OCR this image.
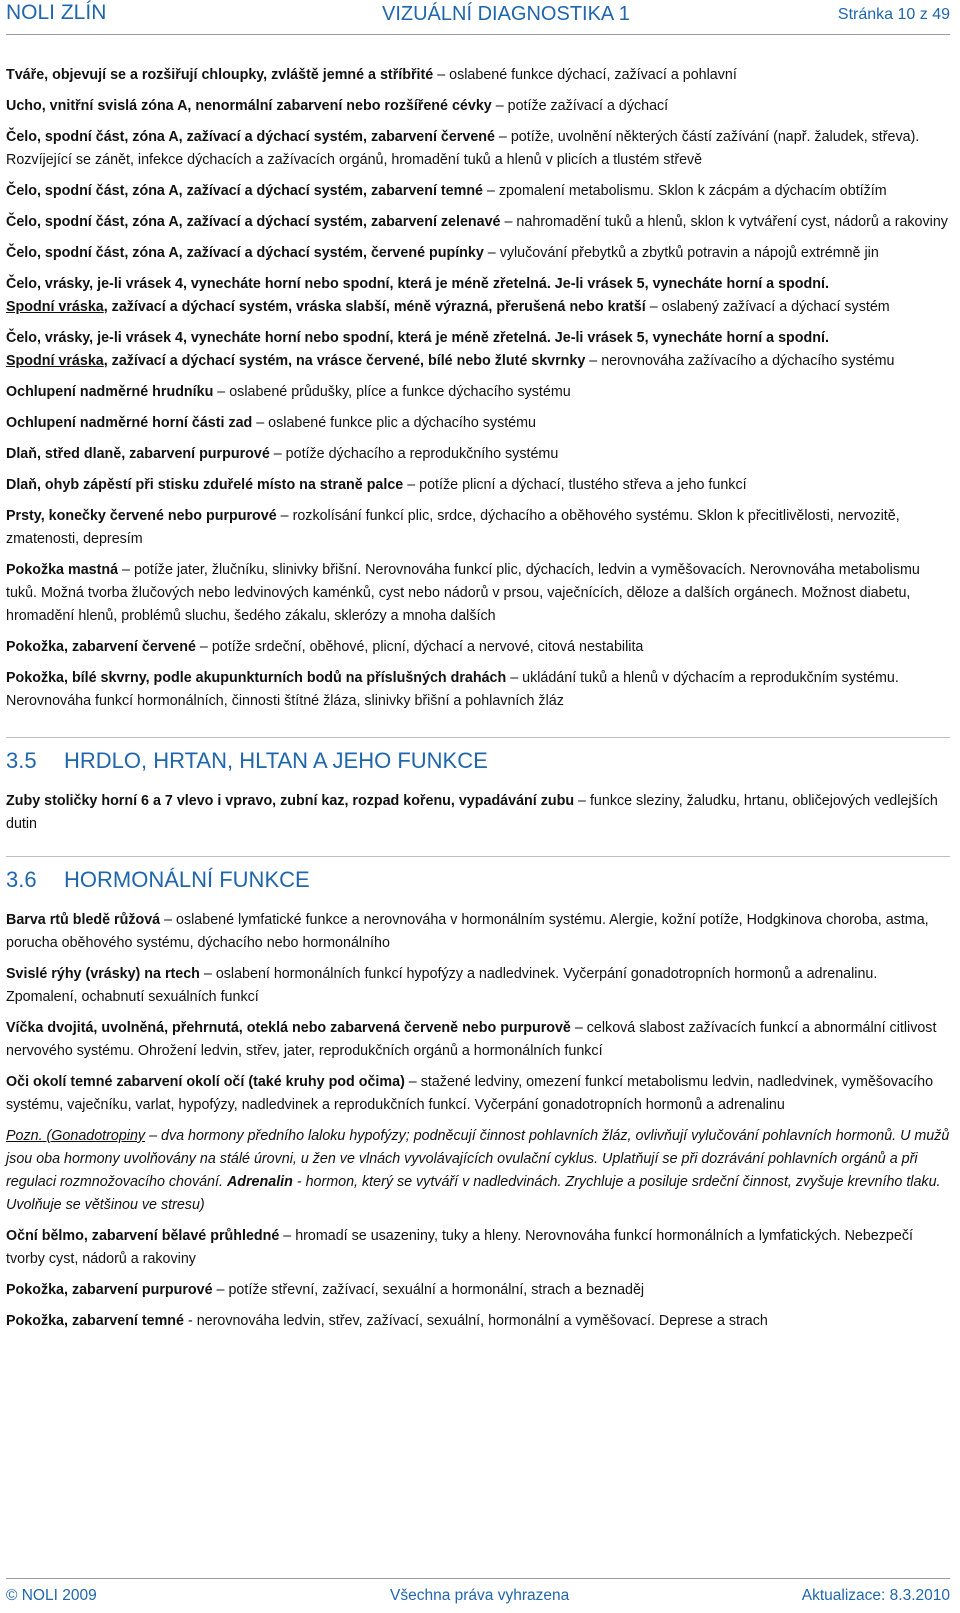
NOLI ZLÍN	VIZUÁLNÍ DIAGNOSTIKA 1	Stránka 10 z 49

Tváře, objevují se a rozšiřují chloupky, zvláště jemné a stříbřité – oslabené funkce dýchací, zažívací a pohlavní

Ucho, vnitřní svislá zóna A, nenormální zabarvení nebo rozšířené cévky – potíže zažívací a dýchací

Čelo, spodní část, zóna A, zažívací a dýchací systém, zabarvení červené – potíže, uvolnění některých částí zažívání (např. žaludek, střeva). Rozvíjející se zánět, infekce dýchacích a zažívacích orgánů, hromadění tuků a hlenů v plicích a tlustém střevě

Čelo, spodní část, zóna A, zažívací a dýchací systém, zabarvení temné – zpomalení metabolismu. Sklon k zácpám a dýchacím obtížím

Čelo, spodní část, zóna A, zažívací a dýchací systém, zabarvení zelenavé – nahromadění tuků a hlenů, sklon k vytváření cyst, nádorů a rakoviny

Čelo, spodní část, zóna A, zažívací a dýchací systém, červené pupínky – vylučování přebytků a zbytků potravin a nápojů extrémně jin

Čelo, vrásky, je-li vrásek 4, vynecháte horní nebo spodní, která je méně zřetelná. Je-li vrásek 5, vynecháte horní a spodní.
Spodní vráska, zažívací a dýchací systém, vráska slabší, méně výrazná, přerušená nebo kratší – oslabený zažívací a dýchací systém

Čelo, vrásky, je-li vrásek 4, vynecháte horní nebo spodní, která je méně zřetelná. Je-li vrásek 5, vynecháte horní a spodní.
Spodní vráska, zažívací a dýchací systém, na vrásce červené, bílé nebo žluté skvrnky – nerovnováha zažívacího a dýchacího systému

Ochlupení nadměrné hrudníku – oslabené průdušky, plíce a funkce dýchacího systému

Ochlupení nadměrné horní části zad – oslabené funkce plic a dýchacího systému

Dlaň, střed dlaně, zabarvení purpurové – potíže dýchacího a reprodukčního systému

Dlaň, ohyb zápěstí při stisku zduřelé místo na straně palce – potíže plicní a dýchací, tlustého střeva a jeho funkcí

Prsty, konečky červené nebo purpurové – rozkolísání funkcí plic, srdce, dýchacího a oběhového systému. Sklon k přecitlivělosti, nervozitě, zmatenosti, depresím

Pokožka mastná – potíže jater, žlučníku, slinivky břišní. Nerovnováha funkcí plic, dýchacích, ledvin a vyměšovacích. Nerovnováha metabolismu tuků. Možná tvorba žlučových nebo ledvinových kaménků, cyst nebo nádorů v prsou, vaječnících, děloze a dalších orgánech. Možnost diabetu, hromadění hlenů, problémů sluchu, šedého zákalu, sklerózy a mnoha dalších

Pokožka, zabarvení červené – potíže srdeční, oběhové, plicní, dýchací a nervové, citová nestabilita

Pokožka, bílé skvrny, podle akupunkturních bodů na příslušných drahách – ukládání tuků a hlenů v dýchacím a reprodukčním systému. Nerovnováha funkcí hormonálních, činnosti štítné žláza, slinivky břišní a pohlavních žláz

3.5 HRDLO, HRTAN, HLTAN A JEHO FUNKCE

Zuby stoličky horní 6 a 7 vlevo i vpravo, zubní kaz, rozpad kořenu, vypadávání zubu – funkce sleziny, žaludku, hrtanu, obličejových vedlejších dutin

3.6 HORMONÁLNÍ FUNKCE

Barva rtů bledě růžová – oslabené lymfatické funkce a nerovnováha v hormonálním systému. Alergie, kožní potíže, Hodgkinova choroba, astma, porucha oběhového systému, dýchacího nebo hormonálního

Svislé rýhy (vrásky) na rtech – oslabení hormonálních funkcí hypofýzy a nadledvinek. Vyčerpání gonadotropních hormonů a adrenalinu. Zpomalení, ochabnutí sexuálních funkcí

Víčka dvojitá, uvolněná, přehrnutá, oteklá nebo zabarvená červeně nebo purpurově – celková slabost zažívacích funkcí a abnormální citlivost nervového systému. Ohrožení ledvin, střev, jater, reprodukčních orgánů a hormonálních funkcí

Oči okolí temné zabarvení okolí očí (také kruhy pod očima) – stažené ledviny, omezení funkcí metabolismu ledvin, nadledvinek, vyměšovacího systému, vaječníku, varlat, hypofýzy, nadledvinek a reprodukčních funkcí. Vyčerpání gonadotropních hormonů a adrenalinu

Pozn. (Gonadotropiny – dva hormony předního laloku hypofýzy; podněcují činnost pohlavních žláz, ovlivňují vylučování pohlavních hormonů. U mužů jsou oba hormony uvolňovány na stálé úrovni, u žen ve vlnách vyvolávajících ovulační cyklus. Uplatňují se při dozrávání pohlavních orgánů a při regulaci rozmnožovacího chování. Adrenalin - hormon, který se vytváří v nadledvinách. Zrychluje a posiluje srdeční činnost, zvyšuje krevního tlaku. Uvolňuje se většinou ve stresu)

Oční bělmo, zabarvení bělavé průhledné – hromadí se usazeniny, tuky a hleny. Nerovnováha funkcí hormonálních a lymfatických. Nebezpečí tvorby cyst, nádorů a rakoviny

Pokožka, zabarvení purpurové – potíže střevní, zažívací, sexuální a hormonální, strach a beznaděj

Pokožka, zabarvení temné - nerovnováha ledvin, střev, zažívací, sexuální, hormonální a vyměšovací. Deprese a strach

© NOLI 2009	Všechna práva vyhrazena	Aktualizace: 8.3.2010
